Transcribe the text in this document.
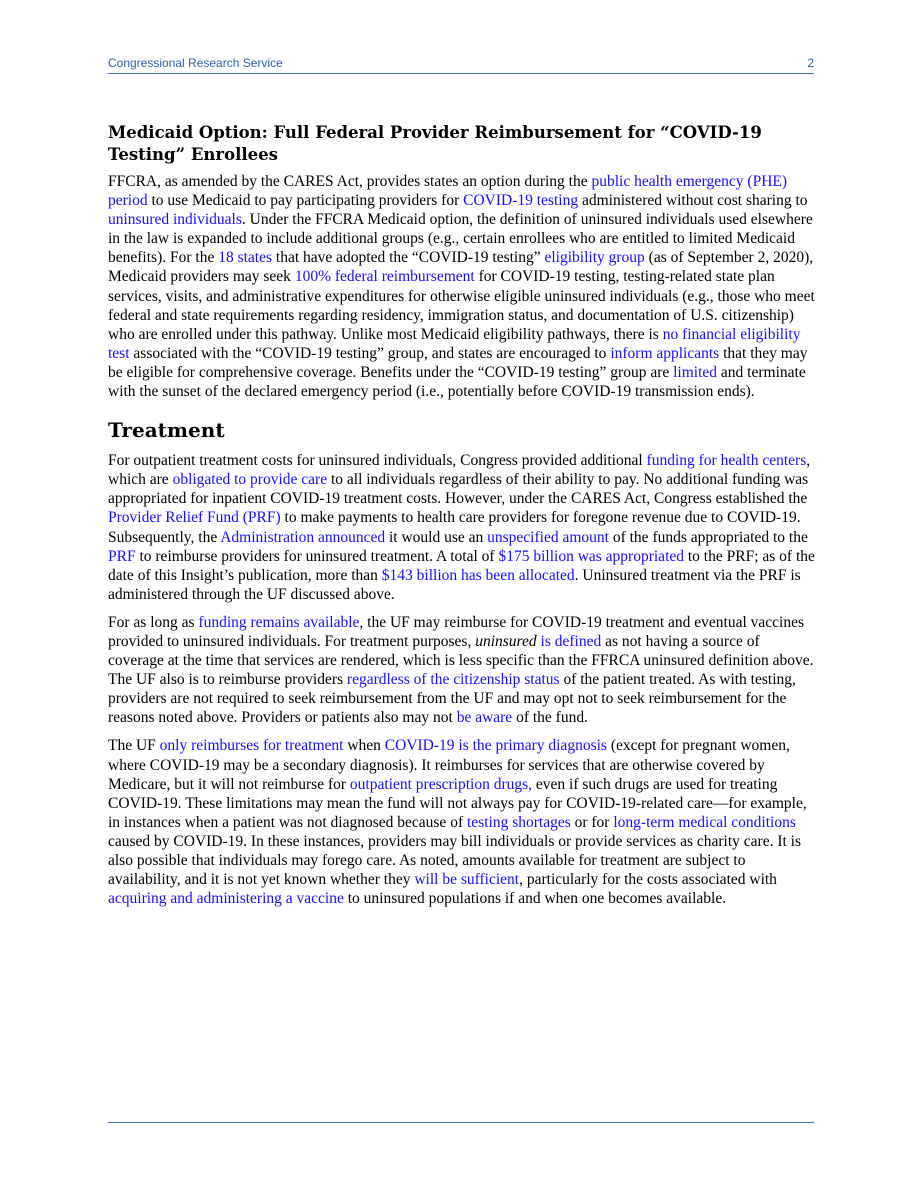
Congressional Research Service	2
Medicaid Option: Full Federal Provider Reimbursement for “COVID-19 Testing” Enrollees

FFCRA, as amended by the CARES Act, provides states an option during the public health emergency (PHE) period to use Medicaid to pay participating providers for COVID-19 testing administered without cost sharing to uninsured individuals. Under the FFCRA Medicaid option, the definition of uninsured individuals used elsewhere in the law is expanded to include additional groups (e.g., certain enrollees who are entitled to limited Medicaid benefits). For the 18 states that have adopted the “COVID-19 testing” eligibility group (as of September 2, 2020), Medicaid providers may seek 100% federal reimbursement for COVID-19 testing, testing-related state plan services, visits, and administrative expenditures for otherwise eligible uninsured individuals (e.g., those who meet federal and state requirements regarding residency, immigration status, and documentation of U.S. citizenship) who are enrolled under this pathway. Unlike most Medicaid eligibility pathways, there is no financial eligibility test associated with the “COVID-19 testing” group, and states are encouraged to inform applicants that they may be eligible for comprehensive coverage. Benefits under the “COVID-19 testing” group are limited and terminate with the sunset of the declared emergency period (i.e., potentially before COVID-19 transmission ends).

Treatment

For outpatient treatment costs for uninsured individuals, Congress provided additional funding for health centers, which are obligated to provide care to all individuals regardless of their ability to pay. No additional funding was appropriated for inpatient COVID-19 treatment costs. However, under the CARES Act, Congress established the Provider Relief Fund (PRF) to make payments to health care providers for foregone revenue due to COVID-19. Subsequently, the Administration announced it would use an unspecified amount of the funds appropriated to the PRF to reimburse providers for uninsured treatment. A total of $175 billion was appropriated to the PRF; as of the date of this Insight’s publication, more than $143 billion has been allocated. Uninsured treatment via the PRF is administered through the UF discussed above.

For as long as funding remains available, the UF may reimburse for COVID-19 treatment and eventual vaccines provided to uninsured individuals. For treatment purposes, uninsured is defined as not having a source of coverage at the time that services are rendered, which is less specific than the FFRCA uninsured definition above. The UF also is to reimburse providers regardless of the citizenship status of the patient treated. As with testing, providers are not required to seek reimbursement from the UF and may opt not to seek reimbursement for the reasons noted above. Providers or patients also may not be aware of the fund.

The UF only reimburses for treatment when COVID-19 is the primary diagnosis (except for pregnant women, where COVID-19 may be a secondary diagnosis). It reimburses for services that are otherwise covered by Medicare, but it will not reimburse for outpatient prescription drugs, even if such drugs are used for treating COVID-19. These limitations may mean the fund will not always pay for COVID-19-related care—for example, in instances when a patient was not diagnosed because of testing shortages or for long-term medical conditions caused by COVID-19. In these instances, providers may bill individuals or provide services as charity care. It is also possible that individuals may forego care. As noted, amounts available for treatment are subject to availability, and it is not yet known whether they will be sufficient, particularly for the costs associated with acquiring and administering a vaccine to uninsured populations if and when one becomes available.
